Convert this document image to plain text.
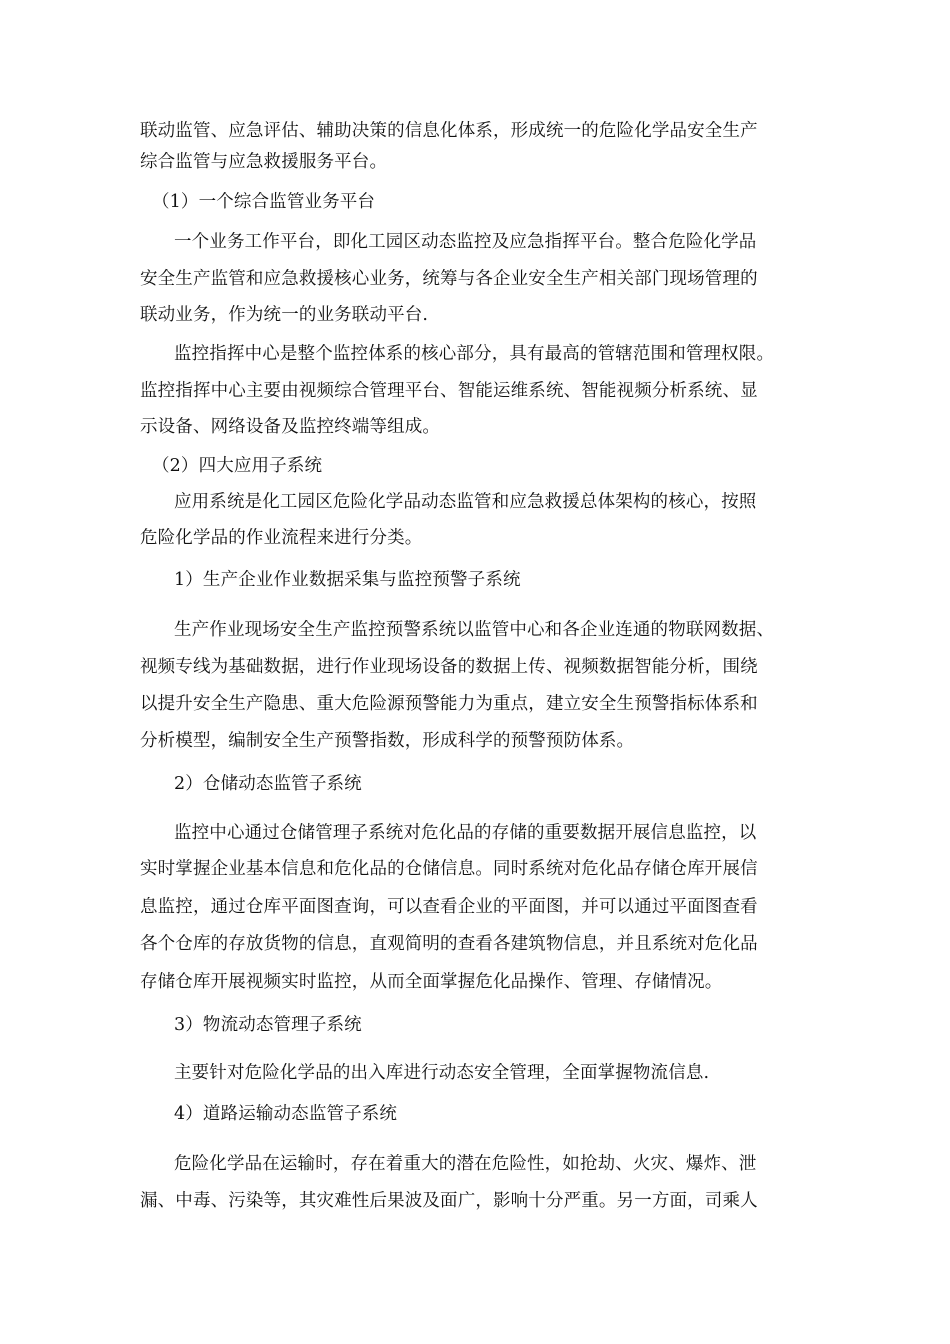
联动监管、应急评估、辅助决策的信息化体系，形成统一的危险化学品安全生产
综合监管与应急救援服务平台。
（1）一个综合监管业务平台
一个业务工作平台，即化工园区动态监控及应急指挥平台。整合危险化学品
安全生产监管和应急救援核心业务，统筹与各企业安全生产相关部门现场管理的
联动业务，作为统一的业务联动平台.
监控指挥中心是整个监控体系的核心部分，具有最高的管辖范围和管理权限。
监控指挥中心主要由视频综合管理平台、智能运维系统、智能视频分析系统、显
示设备、网络设备及监控终端等组成。
（2）四大应用子系统
应用系统是化工园区危险化学品动态监管和应急救援总体架构的核心，按照
危险化学品的作业流程来进行分类。
1）生产企业作业数据采集与监控预警子系统
生产作业现场安全生产监控预警系统以监管中心和各企业连通的物联网数据、
视频专线为基础数据，进行作业现场设备的数据上传、视频数据智能分析，围绕
以提升安全生产隐患、重大危险源预警能力为重点，建立安全生预警指标体系和
分析模型，编制安全生产预警指数，形成科学的预警预防体系。
2）仓储动态监管子系统
监控中心通过仓储管理子系统对危化品的存储的重要数据开展信息监控，以
实时掌握企业基本信息和危化品的仓储信息。同时系统对危化品存储仓库开展信
息监控，通过仓库平面图查询，可以查看企业的平面图，并可以通过平面图查看
各个仓库的存放货物的信息，直观简明的查看各建筑物信息，并且系统对危化品
存储仓库开展视频实时监控，从而全面掌握危化品操作、管理、存储情况。
3）物流动态管理子系统
主要针对危险化学品的出入库进行动态安全管理，全面掌握物流信息.
4）道路运输动态监管子系统
危险化学品在运输时，存在着重大的潜在危险性，如抢劫、火灾、爆炸、泄
漏、中毒、污染等，其灾难性后果波及面广，影响十分严重。另一方面，司乘人
